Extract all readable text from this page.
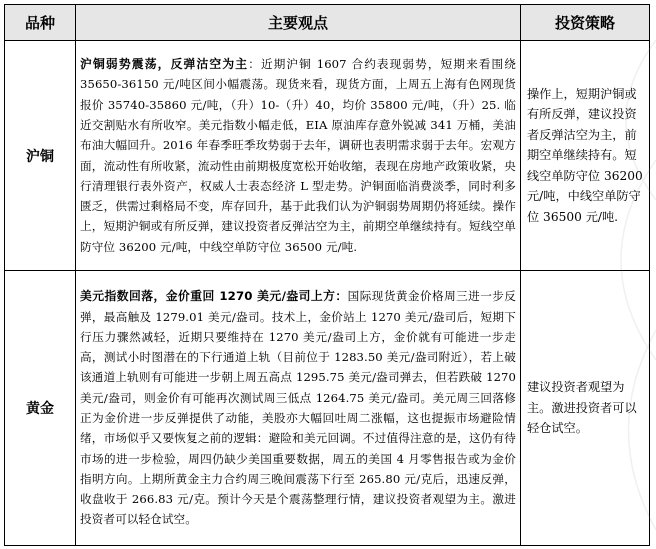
品种	主要观点	投资策略
沪铜	沪铜弱势震荡，反弹沽空为主：近期沪铜 1607 合约表现弱势，短期来看围绕 35650-36150 元/吨区间小幅震荡。现货来看，现货方面，上周五上海有色网现货报价 35740-35860 元/吨，（升）10-（升）40，均价 35800 元/吨，（升）25. 临近交割贴水有所收窄。美元指数小幅走低，EIA 原油库存意外锐减 341 万桶，美油布油大幅回升。2016 年春季旺季玫势弱于去年，调研也表明需求弱于去年。宏观方面，流动性有所收紧，流动性由前期极度宽松开始收缩，表现在房地产政策收紧，央行清理银行表外资产，权威人士表态经济 L 型走势。沪铜面临消费淡季，同时利多匮乏，供需过剩格局不变，库存回升，基于此我们认为沪铜弱势周期仍将延续。操作上，短期沪铜或有所反弹，建议投资者反弹沽空为主，前期空单继续持有。短线空单防守位 36200 元/吨，中线空单防守位 36500 元/吨.	操作上，短期沪铜或有所反弹，建议投资者反弹沽空为主，前期空单继续持有。短线空单防守位 36200 元/吨，中线空单防守位 36500 元/吨.
黄金	美元指数回落，金价重回 1270 美元/盎司上方：国际现货黄金价格周三进一步反弹，最高触及 1279.01 美元/盎司。技术上，金价站上 1270 美元/盎司后，短期下行压力骤然减轻，近期只要维持在 1270 美元/盎司上方，金价就有可能进一步走高，测试小时图潜在的下行通道上轨（目前位于 1283.50 美元/盎司附近），若上破该通道上轨则有可能进一步朝上周五高点 1295.75 美元/盎司弹去，但若跌破 1270 美元/盎司，则金价有可能再次测试周三低点 1264.75 美元/盎司。美元周三回落修正为金价进一步反弹提供了动能，美股亦大幅回吐周二涨幅，这也提振市场避险情绪，市场似乎又要恢复之前的逻辑：避险和美元回调。不过值得注意的是，这仍有待市场的进一步检验，周四仍缺少美国重要数据，周五的美国 4 月零售报告或为金价指明方向。上期所黄金主力合约周三晚间震荡下行至 265.80 元/克后，迅速反弹，收盘收于 266.83 元/克。预计今天是个震荡整理行情，建议投资者观望为主。激进投资者可以轻仓试空。	建议投资者观望为主。激进投资者可以轻仓试空。
